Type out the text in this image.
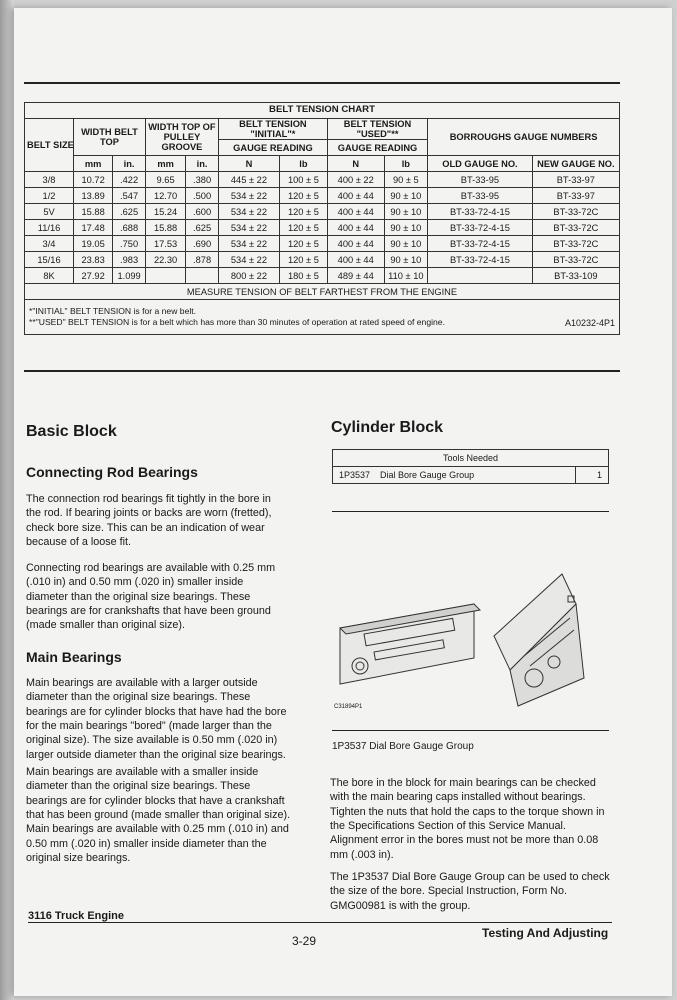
BELT TENSION CHART										
BELT SIZE	WIDTH BELT TOP		WIDTH TOP OF PULLEY GROOVE		BELT TENSION "INITIAL"*		BELT TENSION "USED"**		BORROUGHS GAUGE NUMBERS	
					GAUGE READING		GAUGE READING			
	mm	in.	mm	in.	N	lb	N	lb	OLD GAUGE NO.	NEW GAUGE NO.
3/8	10.72	.422	9.65	.380	445 ± 22	100 ± 5	400 ± 22	90 ± 5	BT-33-95	BT-33-97
1/2	13.89	.547	12.70	.500	534 ± 22	120 ± 5	400 ± 44	90 ± 10	BT-33-95	BT-33-97
5V	15.88	.625	15.24	.600	534 ± 22	120 ± 5	400 ± 44	90 ± 10	BT-33-72-4-15	BT-33-72C
11/16	17.48	.688	15.88	.625	534 ± 22	120 ± 5	400 ± 44	90 ± 10	BT-33-72-4-15	BT-33-72C
3/4	19.05	.750	17.53	.690	534 ± 22	120 ± 5	400 ± 44	90 ± 10	BT-33-72-4-15	BT-33-72C
15/16	23.83	.983	22.30	.878	534 ± 22	120 ± 5	400 ± 44	90 ± 10	BT-33-72-4-15	BT-33-72C
8K	27.92	1.099			800 ± 22	180 ± 5	489 ± 44	110 ± 10		BT-33-109
MEASURE TENSION OF BELT FARTHEST FROM THE ENGINE										

*"INITIAL" BELT TENSION is for a new belt.
**"USED" BELT TENSION is for a belt which has more than 30 minutes of operation at rated speed of engine. A10232-4P1										
Basic Block
Connecting Rod Bearings

The connection rod bearings fit tightly in the bore in the rod. If bearing joints or backs are worn (fretted), check bore size. This can be an indication of wear because of a loose fit.

Connecting rod bearings are available with 0.25 mm (.010 in) and 0.50 mm (.020 in) smaller inside diameter than the original size bearings. These bearings are for crankshafts that have been ground (made smaller than original size).

Main Bearings

Main bearings are available with a larger outside diameter than the original size bearings. These bearings are for cylinder blocks that have had the bore for the main bearings "bored" (made larger than the original size). The size available is 0.50 mm (.020 in) larger outside diameter than the original size bearings.

Main bearings are available with a smaller inside diameter than the original size bearings. These bearings are for cylinder blocks that have a crankshaft that has been ground (made smaller than original size). Main bearings are available with 0.25 mm (.010 in) and 0.50 mm (.020 in) smaller inside diameter than the original size bearings.

Cylinder Block
Tools Needed
1P3537 Dial Bore Gauge Group	1
C31894P1
1P3537 Dial Bore Gauge Group

The bore in the block for main bearings can be checked with the main bearing caps installed without bearings. Tighten the nuts that hold the caps to the torque shown in the Specifications Section of this Service Manual. Alignment error in the bores must not be more than 0.08 mm (.003 in).

The 1P3537 Dial Bore Gauge Group can be used to check the size of the bore. Special Instruction, Form No. GMG00981 is with the group.

3116 Truck Engine
3-29
Testing And Adjusting
